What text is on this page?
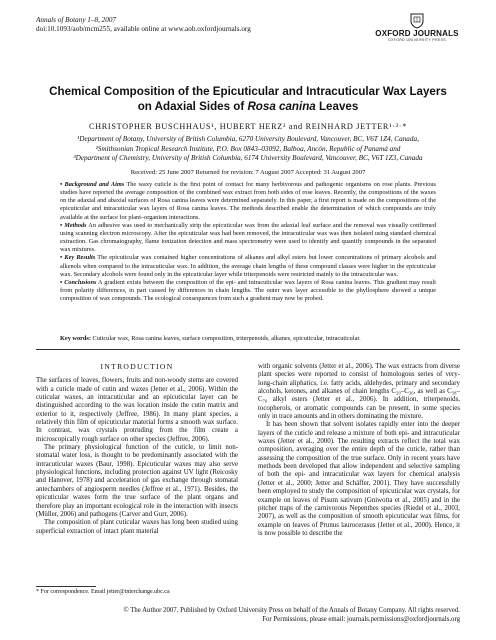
Annals of Botany 1–8, 2007
doi:10.1093/aob/mcm255, available online at www.aob.oxfordjournals.org	OXFORD JOURNALS
OXFORD UNIVERSITY PRESS
Chemical Composition of the Epicuticular and Intracuticular Wax Layers
on Adaxial Sides of Rosa canina Leaves
CHRISTOPHER BUSCHHAUS¹, HUBERT HERZ² and REINHARD JETTER¹·³·*
¹Department of Botany, University of British Columbia, 6270 University Boulevard, Vancouver, BC, V6T 1Z4, Canada,
²Smithsonian Tropical Research Institute, P.O. Box 0843–03092, Balboa, Ancón, Republic of Panamá and
³Department of Chemistry, University of British Columbia, 6174 University Boulevard, Vancouver, BC, V6T 1Z3, Canada
Received: 25 June 2007 Returned for revision: 7 August 2007 Accepted: 31 August 2007

• Background and Aims The waxy cuticle is the first point of contact for many herbivorous and pathogenic organisms on rose plants. Previous studies have reported the average composition of the combined wax extract from both sides of rose leaves. Recently, the compositions of the waxes on the adaxial and abaxial surfaces of Rosa canina leaves were determined separately. In this paper, a first report is made on the compositions of the epicuticular and intracuticular wax layers of Rosa canina leaves. The methods described enable the determination of which compounds are truly available at the surface for plant–organism interactions.

• Methods An adhesive was used to mechanically strip the epicuticular wax from the adaxial leaf surface and the removal was visually confirmed using scanning electron microscopy. After the epicuticular wax had been removed, the intracuticular wax was then isolated using standard chemical extraction. Gas chromatography, flame ionization detection and mass spectrometry were used to identify and quantify compounds in the separated wax mixtures.

• Key Results The epicuticular wax contained higher concentrations of alkanes and alkyl esters but lower concentrations of primary alcohols and alkenols when compared to the intracuticular wax. In addition, the average chain lengths of these compound classes were higher in the epicuticular wax. Secondary alcohols were found only in the epicuticular layer while triterpenoids were restricted mainly to the intracuticular wax.

• Conclusions A gradient exists between the composition of the epi- and intracuticular wax layers of Rosa canina leaves. This gradient may result from polarity differences, in part caused by differences in chain lengths. The outer wax layer accessible to the phyllosphere showed a unique composition of wax compounds. The ecological consequences from such a gradient may now be probed.

Key words: Cuticular wax, Rosa canina leaves, surface composition, triterpenoids, alkanes, epicuticular, intracuticular.
INTRODUCTION

The surfaces of leaves, flowers, fruits and non-woody stems are covered with a cuticle made of cutin and waxes (Jetter et al., 2006). Within the cuticular waxes, an intracuticular and an epicuticular layer can be distinguished according to the wax location inside the cutin matrix and exterior to it, respectively (Jeffree, 1986). In many plant species, a relatively thin film of epicuticular material forms a smooth wax surface. In contrast, wax crystals protruding from the film create a microscopically rough surface on other species (Jeffree, 2006).

The primary physiological function of the cuticle, to limit non-stomatal water loss, is thought to be predominantly associated with the intracuticular waxes (Baur, 1998). Epicuticular waxes may also serve physiological functions, including protection against UV light (Reicosky and Hanover, 1978) and acceleration of gas exchange through stomatal antechambers of angiosperm needles (Jeffree et al., 1971). Besides, the epicuticular waxes form the true surface of the plant organs and therefore play an important ecological role in the interaction with insects (Müller, 2006) and pathogens (Carver and Gurr, 2006).

The composition of plant cuticular waxes has long been studied using superficial extraction of intact plant material

with organic solvents (Jetter et al., 2006). The wax extracts from diverse plant species were reported to consist of homologous series of very-long-chain aliphatics, i.e. fatty acids, aldehydes, primary and secondary alcohols, ketones, and alkanes of chain lengths C₂₀–C₃₆, as well as C₃₈–C₇₀ alkyl esters (Jetter et al., 2006). In addition, triterpenoids, tocopherols, or aromatic compounds can be present, in some species only in trace amounts and in others dominating the mixture.

It has been shown that solvent isolates rapidly enter into the deeper layers of the cuticle and release a mixture of both epi- and intracuticular waxes (Jetter et al., 2000). The resulting extracts reflect the total wax composition, averaging over the entire depth of the cuticle, rather than assessing the composition of the true surface. Only in recent years have methods been developed that allow independent and selective sampling of both the epi- and intracuticular wax layers for chemical analysis (Jetter et al., 2000; Jetter and Schäffer, 2001). They have successfully been employed to study the composition of epicuticular wax crystals, for example on leaves of Pisum sativum (Gniwotta et al., 2005) and in the pitcher traps of the carnivorous Nepenthes species (Riedel et al., 2003, 2007), as well as the composition of smooth epicuticular wax films, for example on leaves of Prunus laurocerasus (Jetter et al., 2000). Hence, it is now possible to describe the

* For correspondence. Email jetter@interchange.ubc.ca
© The Author 2007. Published by Oxford University Press on behalf of the Annals of Botany Company. All rights reserved.
For Permissions, please email: journals.permissions@oxfordjournals.org
